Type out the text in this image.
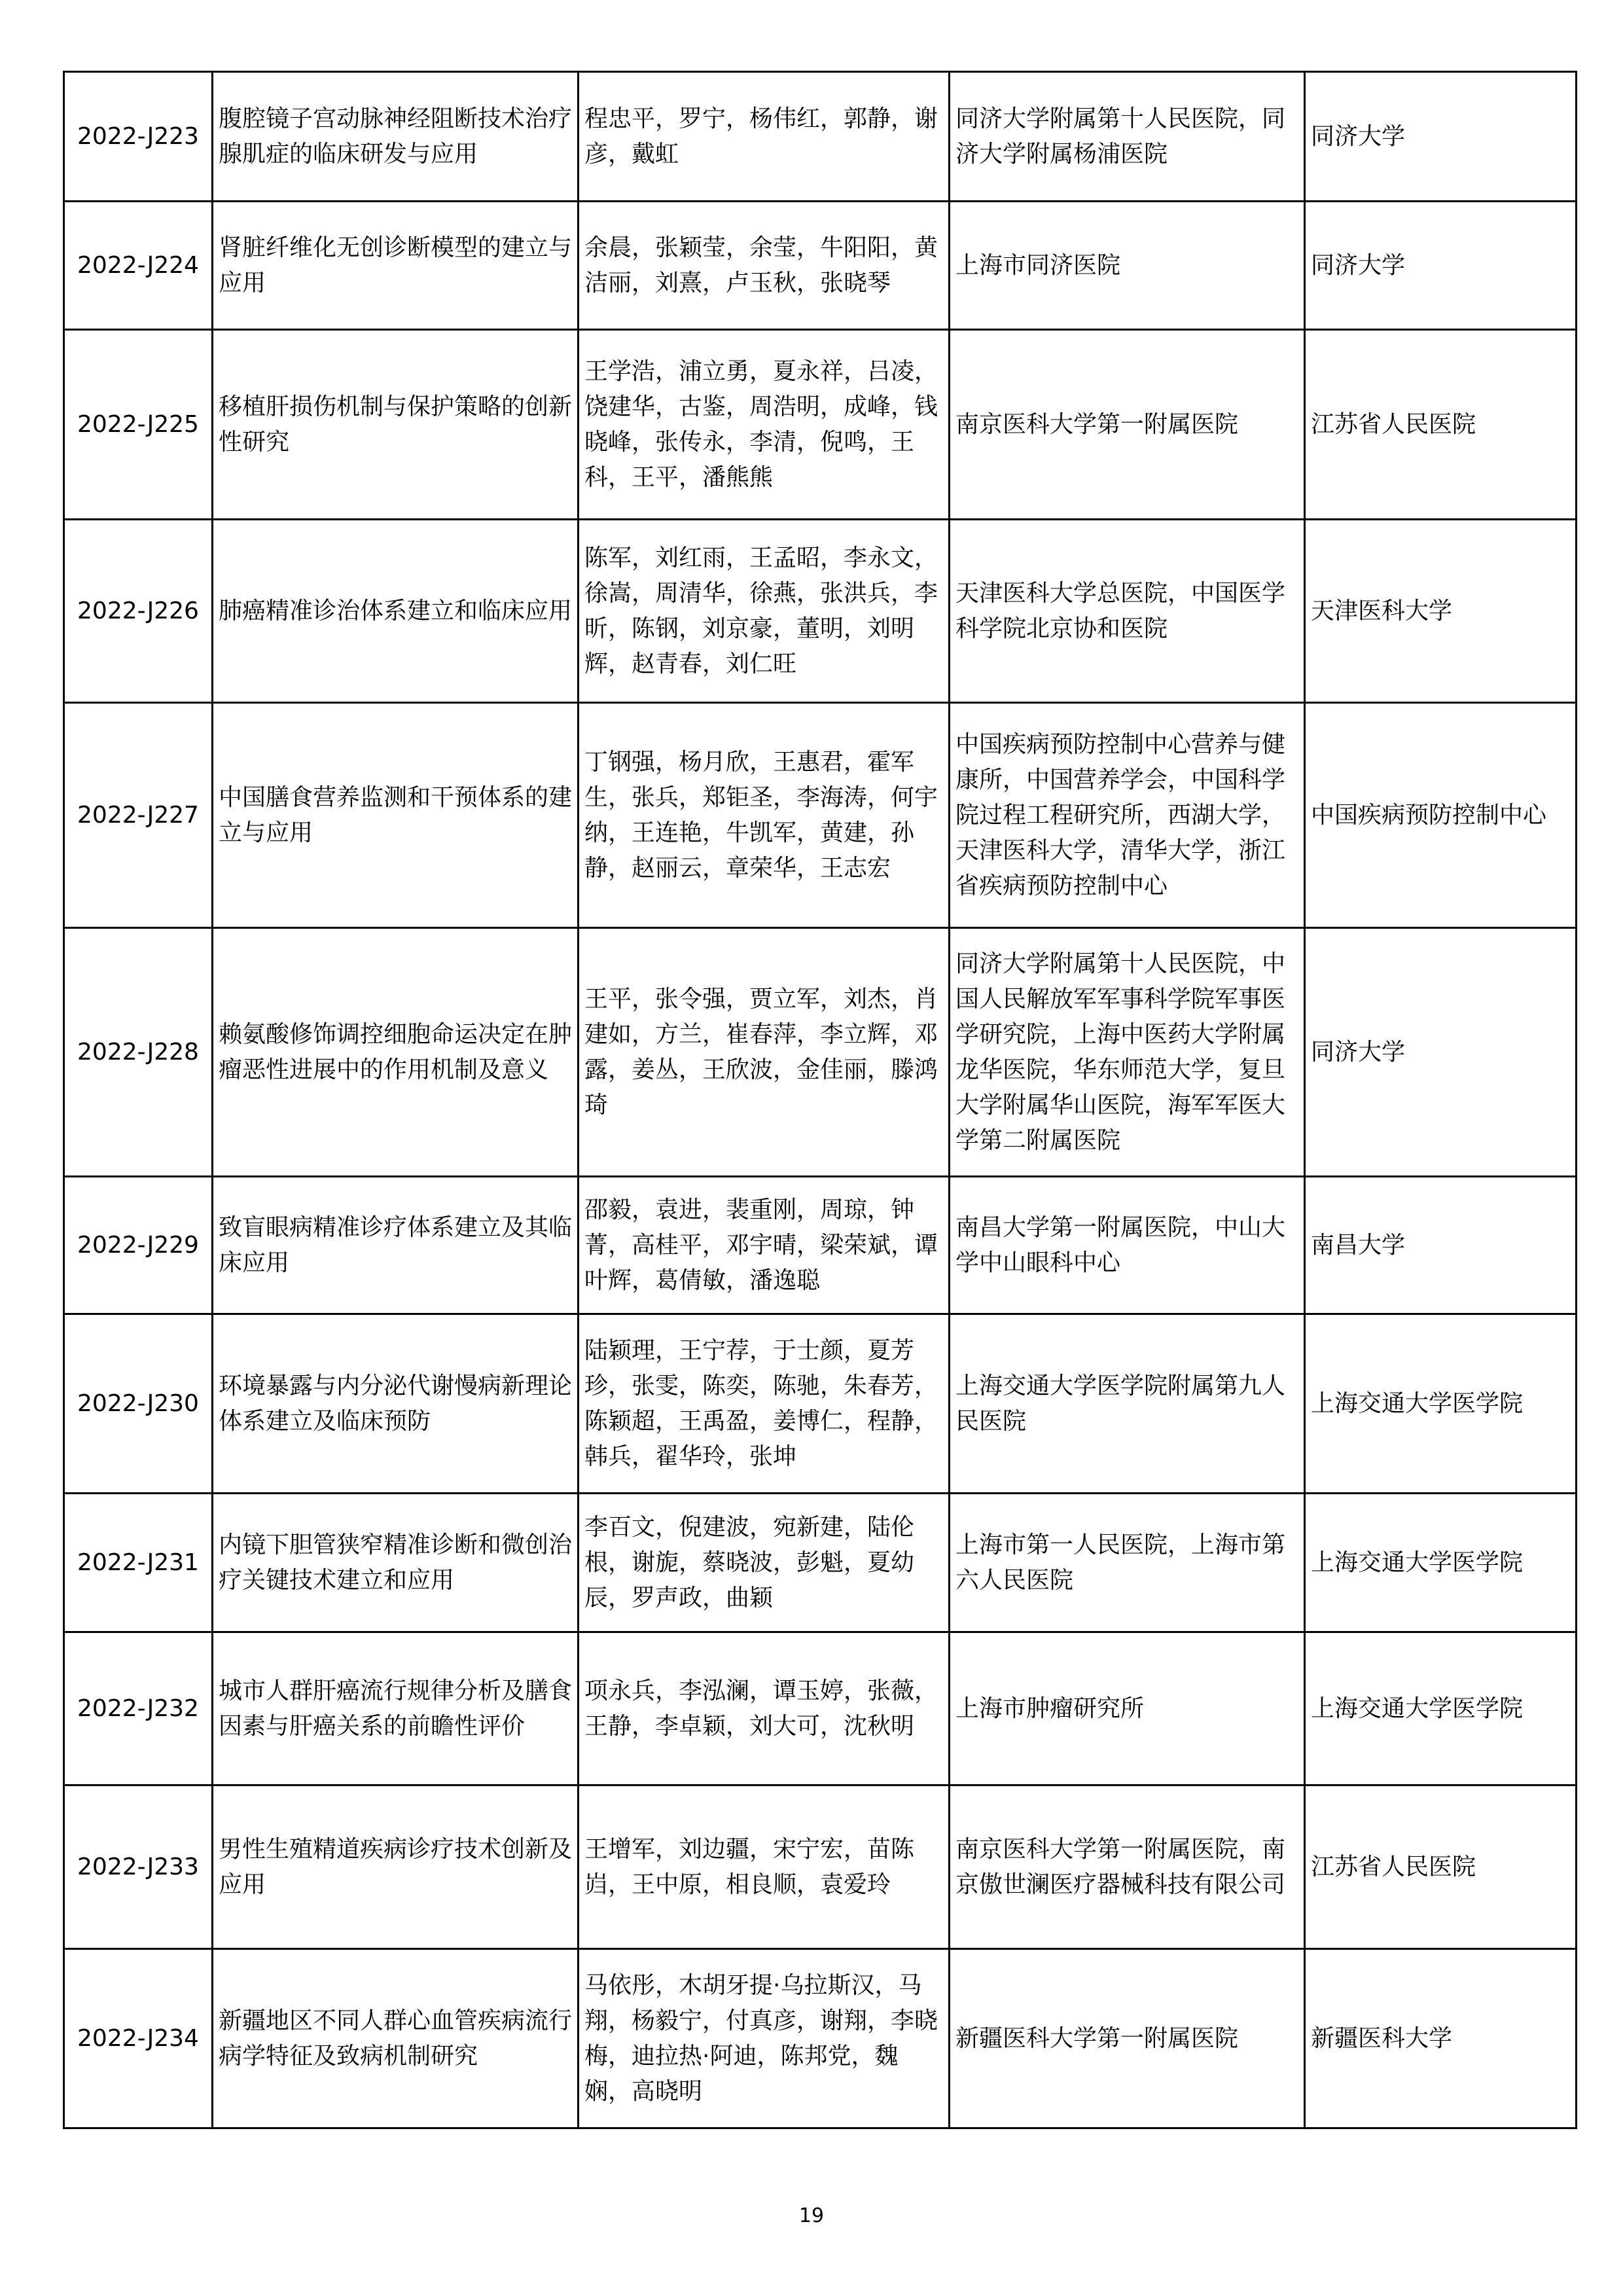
2022-J223	腹腔镜子宫动脉神经阻断技术治疗腺肌症的临床研发与应用	程忠平，罗宁，杨伟红，郭静，谢彦，戴虹	同济大学附属第十人民医院，同济大学附属杨浦医院	同济大学
2022-J224	肾脏纤维化无创诊断模型的建立与应用	余晨，张颖莹，余莹，牛阳阳，黄洁丽，刘熹，卢玉秋，张晓琴	上海市同济医院	同济大学
2022-J225	移植肝损伤机制与保护策略的创新性研究	王学浩，浦立勇，夏永祥，吕凌，饶建华，古鉴，周浩明，成峰，钱晓峰，张传永，李清，倪鸣，王科，王平，潘熊熊	南京医科大学第一附属医院	江苏省人民医院
2022-J226	肺癌精准诊治体系建立和临床应用	陈军，刘红雨，王孟昭，李永文，徐嵩，周清华，徐燕，张洪兵，李昕，陈钢，刘京豪，董明，刘明辉，赵青春，刘仁旺	天津医科大学总医院，中国医学科学院北京协和医院	天津医科大学
2022-J227	中国膳食营养监测和干预体系的建立与应用	丁钢强，杨月欣，王惠君，霍军生，张兵，郑钜圣，李海涛，何宇纳，王连艳，牛凯军，黄建，孙静，赵丽云，章荣华，王志宏	中国疾病预防控制中心营养与健康所，中国营养学会，中国科学院过程工程研究所，西湖大学，天津医科大学，清华大学，浙江省疾病预防控制中心	中国疾病预防控制中心
2022-J228	赖氨酸修饰调控细胞命运决定在肿瘤恶性进展中的作用机制及意义	王平，张令强，贾立军，刘杰，肖建如，方兰，崔春萍，李立辉，邓露，姜丛，王欣波，金佳丽，滕鸿琦	同济大学附属第十人民医院，中国人民解放军军事科学院军事医学研究院，上海中医药大学附属龙华医院，华东师范大学，复旦大学附属华山医院，海军军医大学第二附属医院	同济大学
2022-J229	致盲眼病精准诊疗体系建立及其临床应用	邵毅，袁进，裴重刚，周琼，钟菁，高桂平，邓宇晴，梁荣斌，谭叶辉，葛倩敏，潘逸聪	南昌大学第一附属医院，中山大学中山眼科中心	南昌大学
2022-J230	环境暴露与内分泌代谢慢病新理论体系建立及临床预防	陆颖理，王宁荐，于士颜，夏芳珍，张雯，陈奕，陈驰，朱春芳，陈颖超，王禹盈，姜博仁，程静，韩兵，翟华玲，张坤	上海交通大学医学院附属第九人民医院	上海交通大学医学院
2022-J231	内镜下胆管狭窄精准诊断和微创治疗关键技术建立和应用	李百文，倪建波，宛新建，陆伦根，谢旎，蔡晓波，彭魁，夏幼辰，罗声政，曲颖	上海市第一人民医院，上海市第六人民医院	上海交通大学医学院
2022-J232	城市人群肝癌流行规律分析及膳食因素与肝癌关系的前瞻性评价	项永兵，李泓澜，谭玉婷，张薇，王静，李卓颖，刘大可，沈秋明	上海市肿瘤研究所	上海交通大学医学院
2022-J233	男性生殖精道疾病诊疗技术创新及应用	王增军，刘边疆，宋宁宏，苗陈岿，王中原，相良顺，袁爱玲	南京医科大学第一附属医院，南京傲世澜医疗器械科技有限公司	江苏省人民医院
2022-J234	新疆地区不同人群心血管疾病流行病学特征及致病机制研究	马依彤，木胡牙提·乌拉斯汉，马翔，杨毅宁，付真彦，谢翔，李晓梅，迪拉热·阿迪，陈邦党，魏娴，高晓明	新疆医科大学第一附属医院	新疆医科大学
19
